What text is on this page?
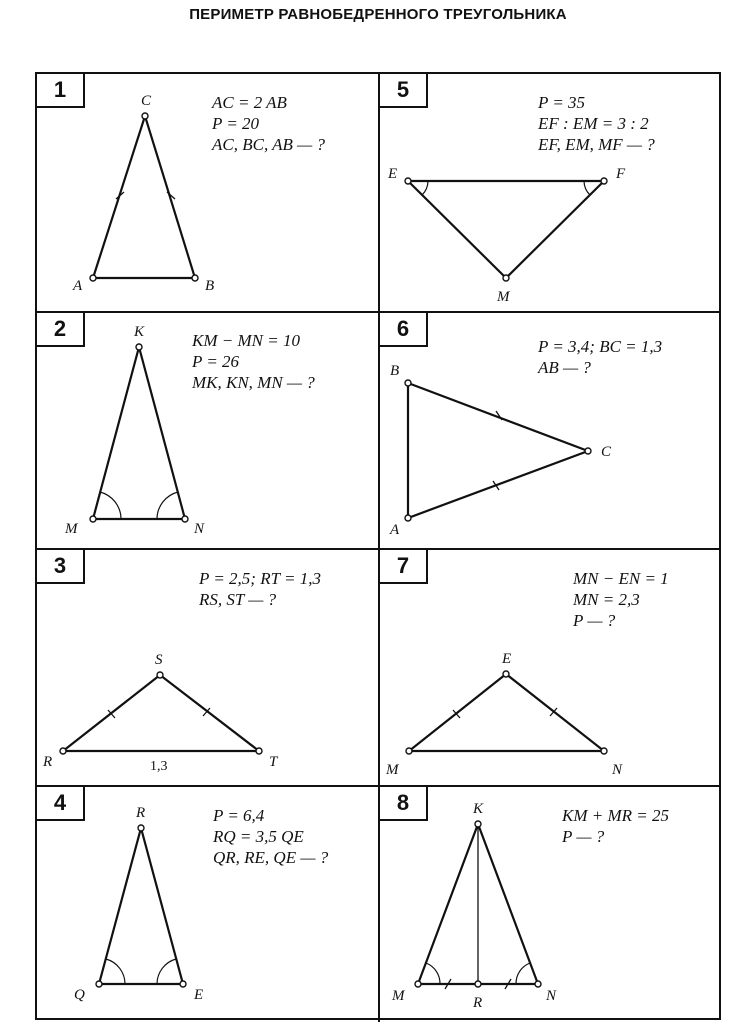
ПЕРИМЕТР РАВНОБЕДРЕННОГО ТРЕУГОЛЬНИКА
1
AC = 2 AB
P = 20
AC, BC, AB — ?
C
A	B
5
P = 35
EF : EM = 3 : 2
EF, EM, MF — ?
E	F
M
2	KM − MN = 10
P = 26
MK, KN, MN — ?
K
M	N
6
P = 3,4; BC = 1,3
AB — ?
B
C
A
3
P = 2,5; RT = 1,3
RS, ST — ?
S
R	T
1,3
7
MN − EN = 1
MN = 2,3
P — ?
E
M	N
4
P = 6,4
RQ = 3,5 QE
QR, RE, QE — ?
R
Q	E
8
KM + MR = 25
P — ?
K
M	R	N
